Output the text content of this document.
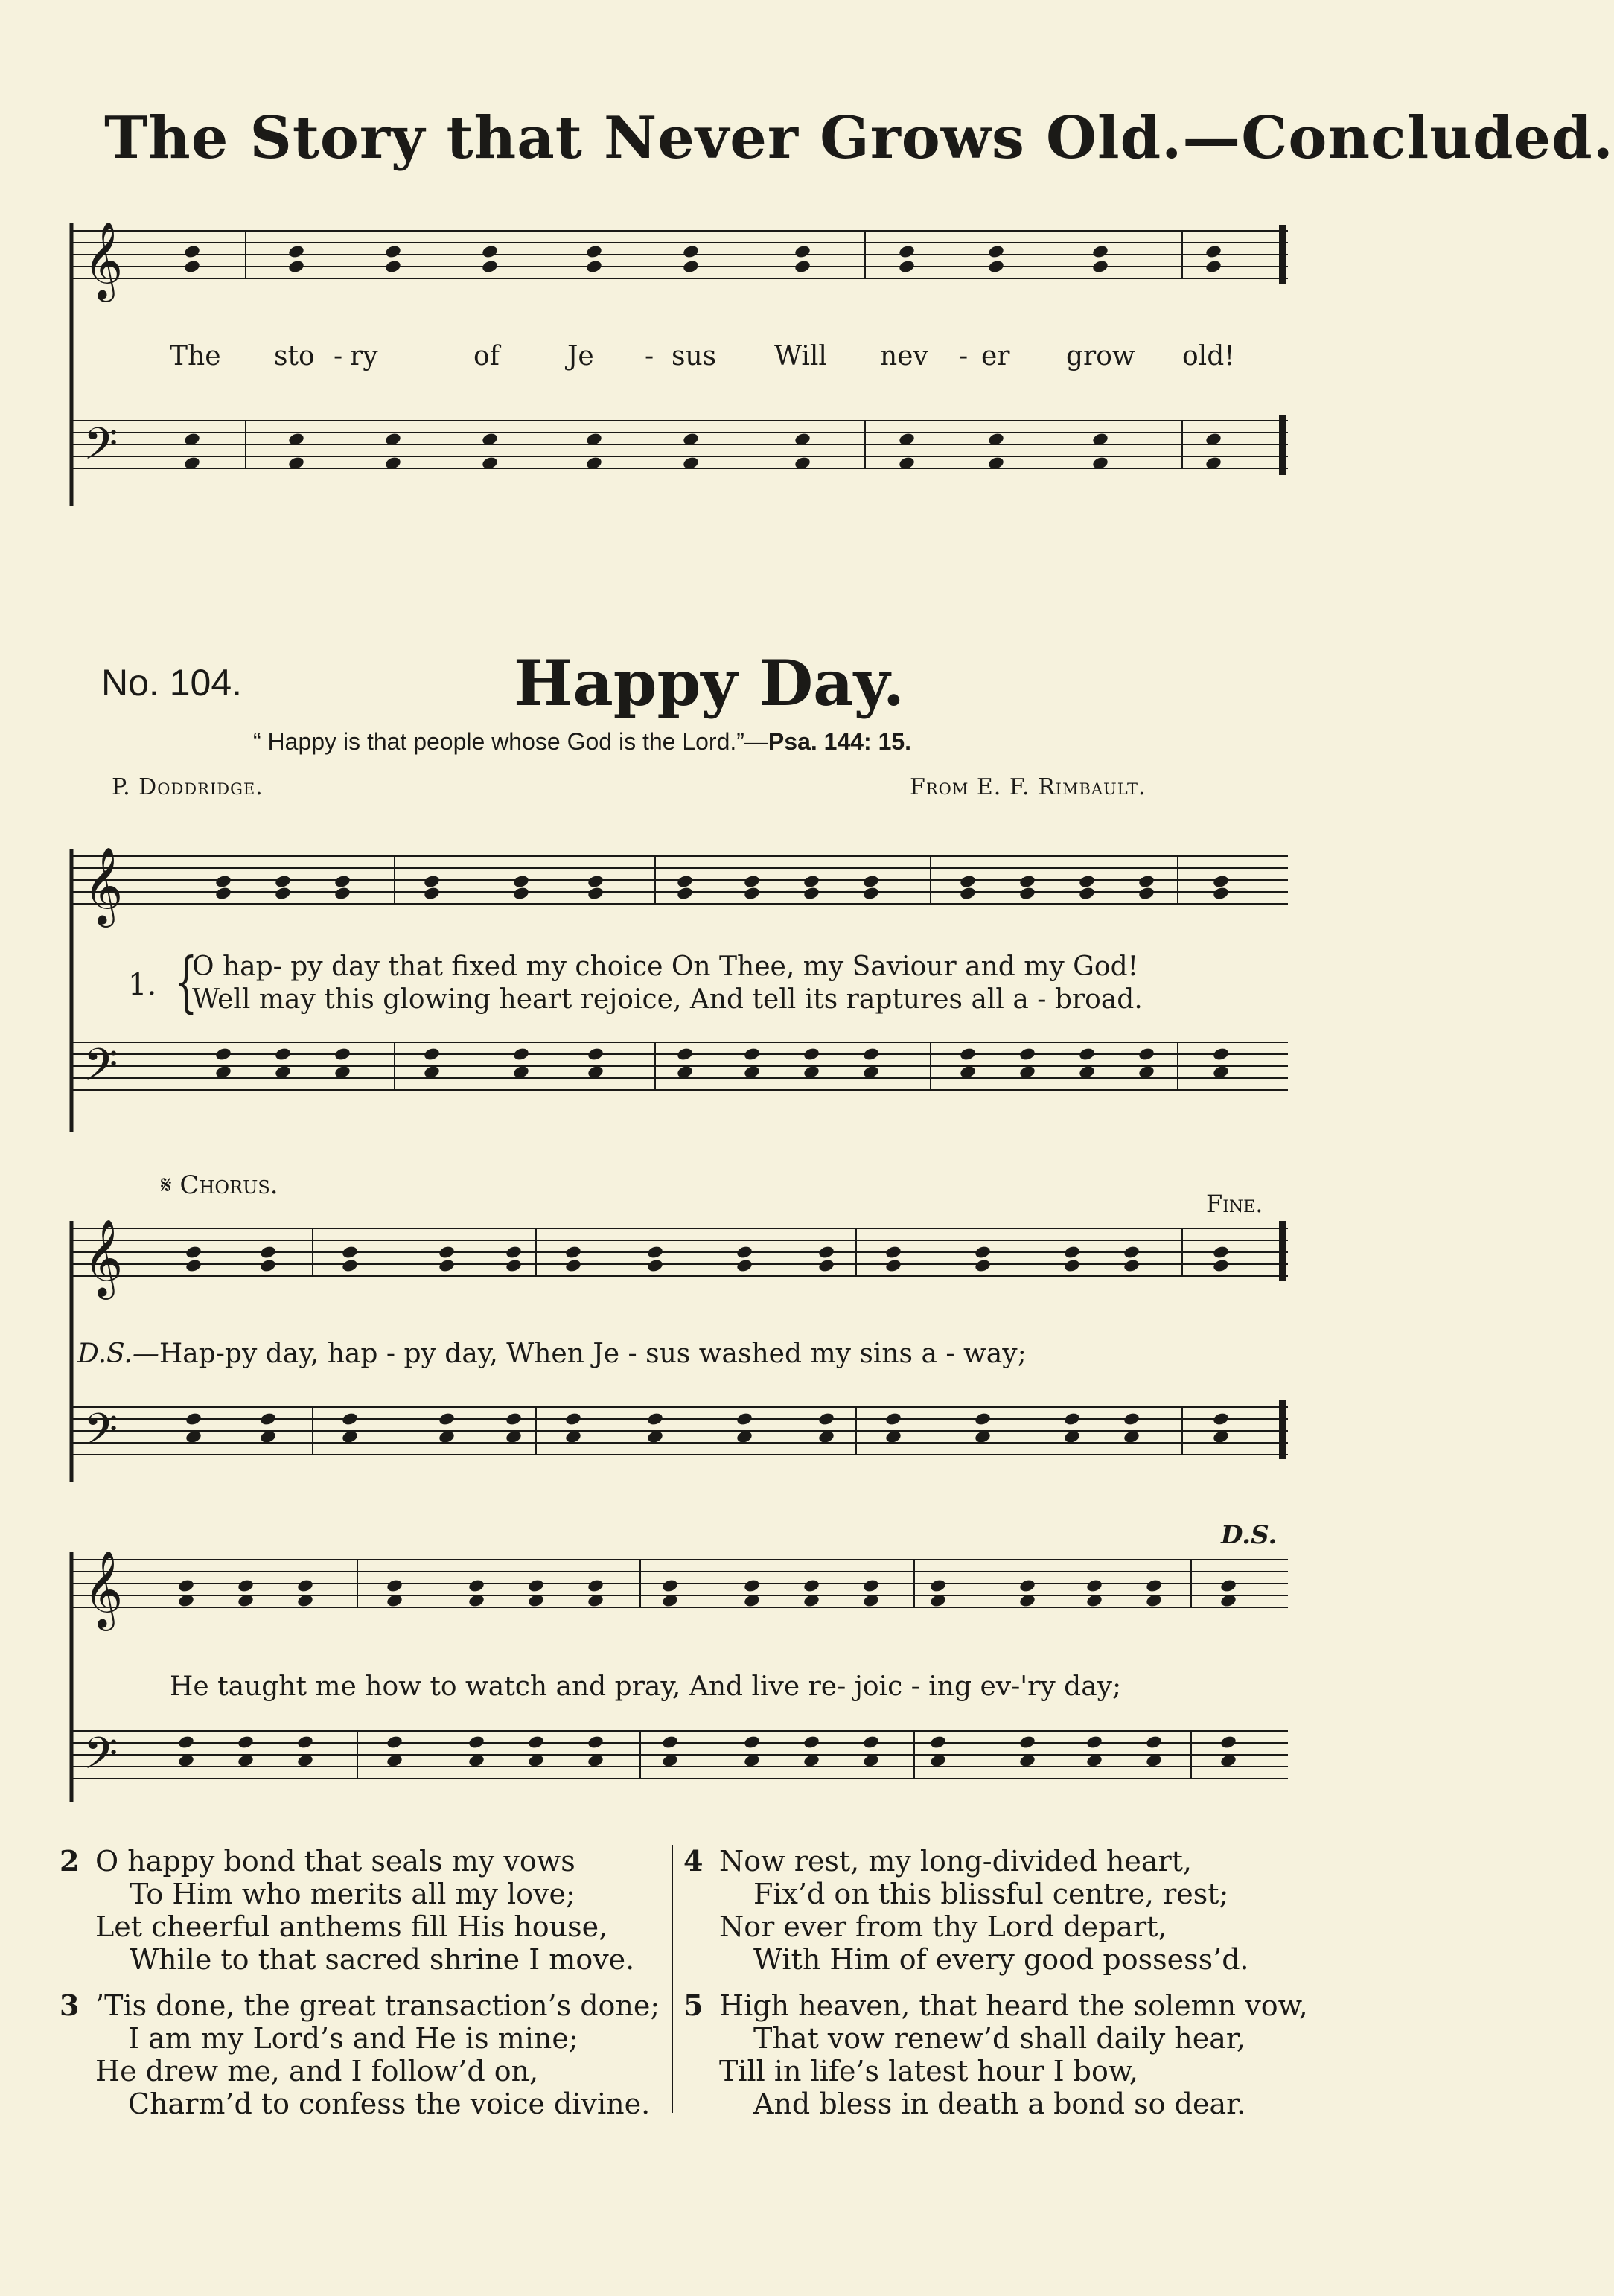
The Story that Never Grows Old.—Concluded.
𝄞
𝄢
𝄞
𝄢
𝄞
𝄢
𝄞
𝄢
The sto - ry	of	Je - sus Will nev - er grow old!
No. 104.	Happy Day.
“ Happy is that people whose God is the Lord.”—Psa. 144: 15.
P. Doddridge.	From E. F. Rimbault.
1. {
O hap- py day that fixed my choice On Thee, my Saviour and my God!
Well may this glowing heart rejoice, And tell its raptures all a - broad.
𝄋 Chorus.
Fine.
D.S.—Hap-py day, hap - py day, When Je - sus washed my sins a - way;
D.S.
He taught me how to watch and pray, And live re- joic - ing ev-'ry day;
2 O happy bond that seals my vows
To Him who merits all my love;
Let cheerful anthems fill His house,
While to that sacred shrine I move.
3 ’Tis done, the great transaction’s done;
I am my Lord’s and He is mine;
He drew me, and I follow’d on,
Charm’d to confess the voice divine.
4 Now rest, my long-divided heart,
Fix’d on this blissful centre, rest;
Nor ever from thy Lord depart,
With Him of every good possess’d.
5 High heaven, that heard the solemn vow,
That vow renew’d shall daily hear,
Till in life’s latest hour I bow,
And bless in death a bond so dear.
